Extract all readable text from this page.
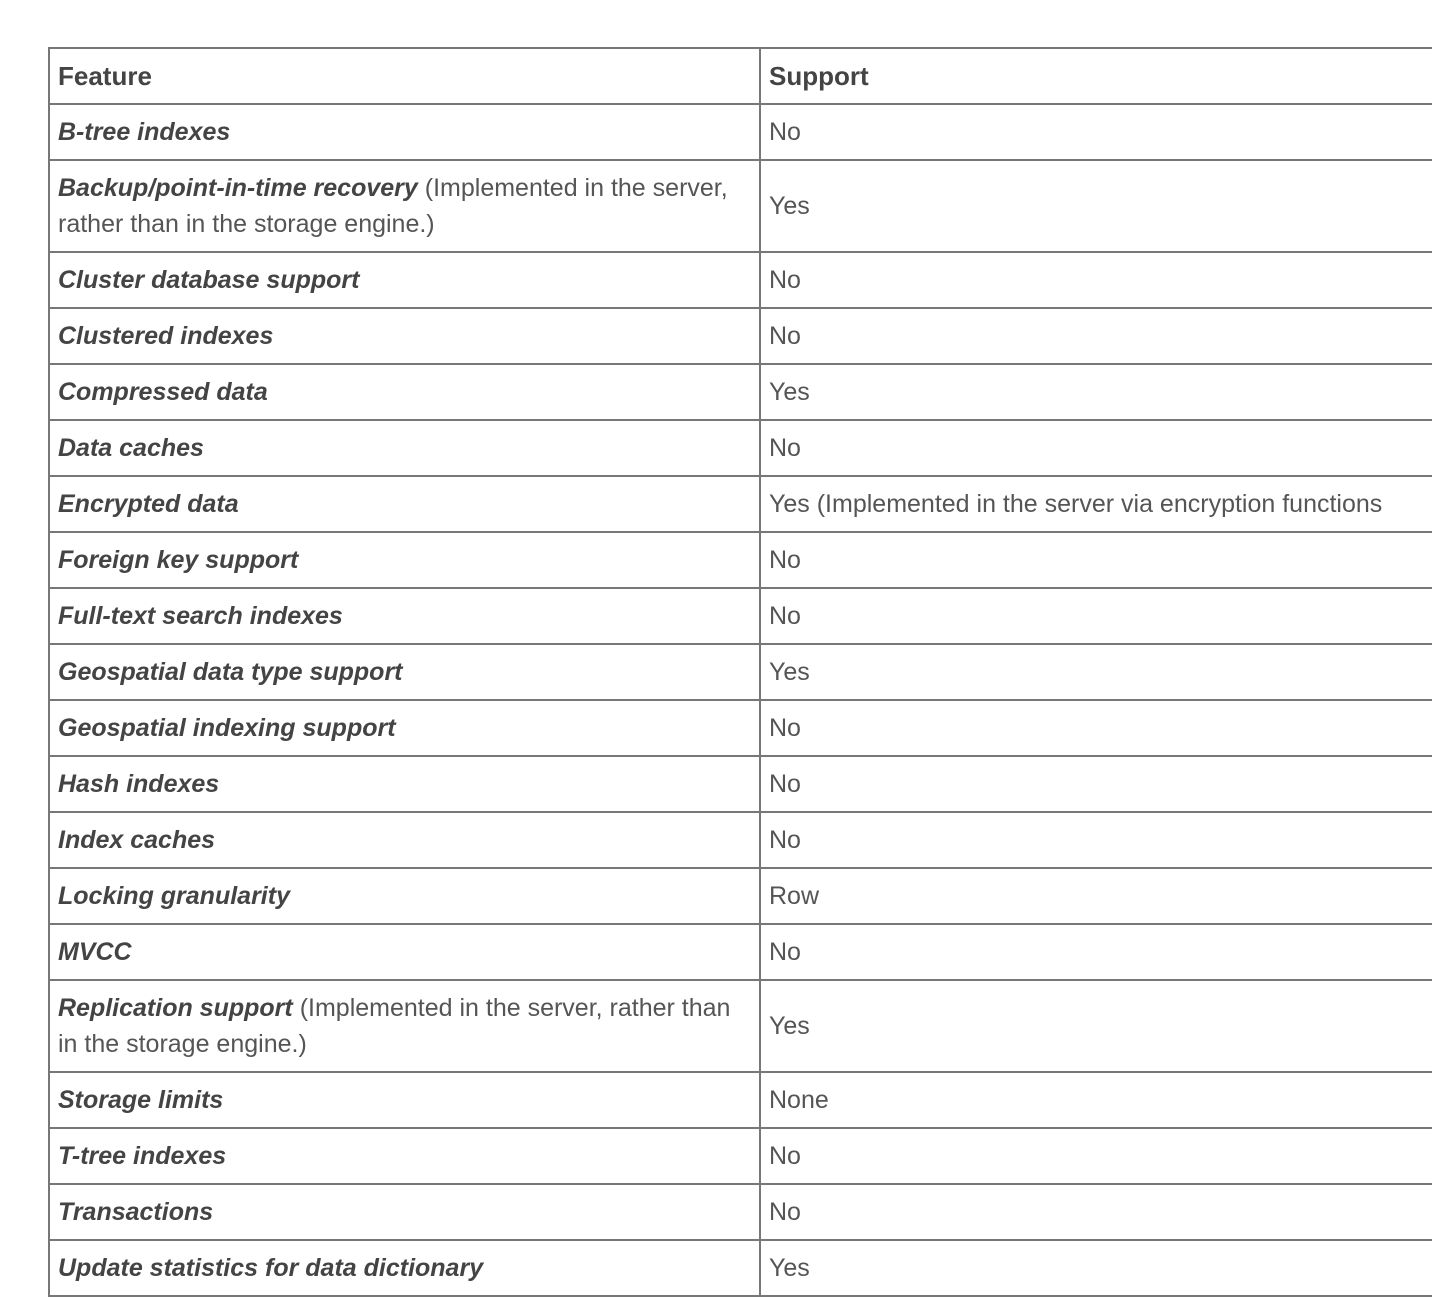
Feature	Support
B-tree indexes	No
Backup/point-in-time recovery (Implemented in the server, rather than in the storage engine.)	Yes
Cluster database support	No
Clustered indexes	No
Compressed data	Yes
Data caches	No
Encrypted data	Yes (Implemented in the server via encryption functions
Foreign key support	No
Full-text search indexes	No
Geospatial data type support	Yes
Geospatial indexing support	No
Hash indexes	No
Index caches	No
Locking granularity	Row
MVCC	No
Replication support (Implemented in the server, rather than in the storage engine.)	Yes
Storage limits	None
T-tree indexes	No
Transactions	No
Update statistics for data dictionary	Yes
